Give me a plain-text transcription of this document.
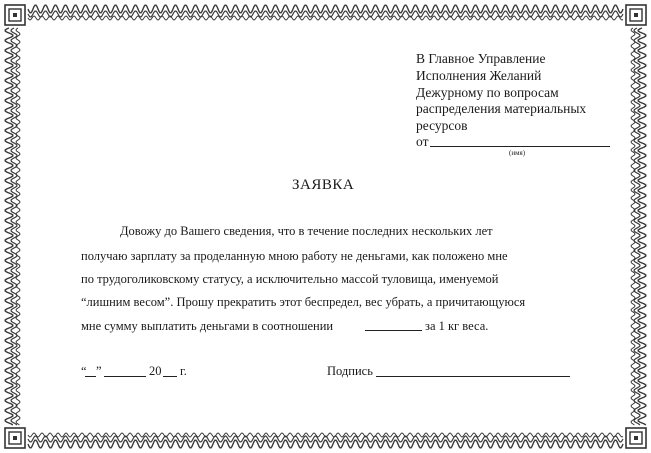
В Главное Управление
Исполнения Желаний
Дежурному по вопросам
распределения материальных
ресурсов
от
(имя)
ЗАЯВКА
Довожу до Вашего сведения, что в течение последних нескольких лет
получаю зарплату за проделанную мною работу не деньгами, как положено мне
по трудоголиковскому статусу, а исключительно массой туловища, именуемой
“лишним весом”. Прошу прекратить этот беспредел, вес убрать, а причитающуюся
мне сумму выплатить деньгами в соотношении	за 1 кг веса.
“ ”	20 г.	Подпись
